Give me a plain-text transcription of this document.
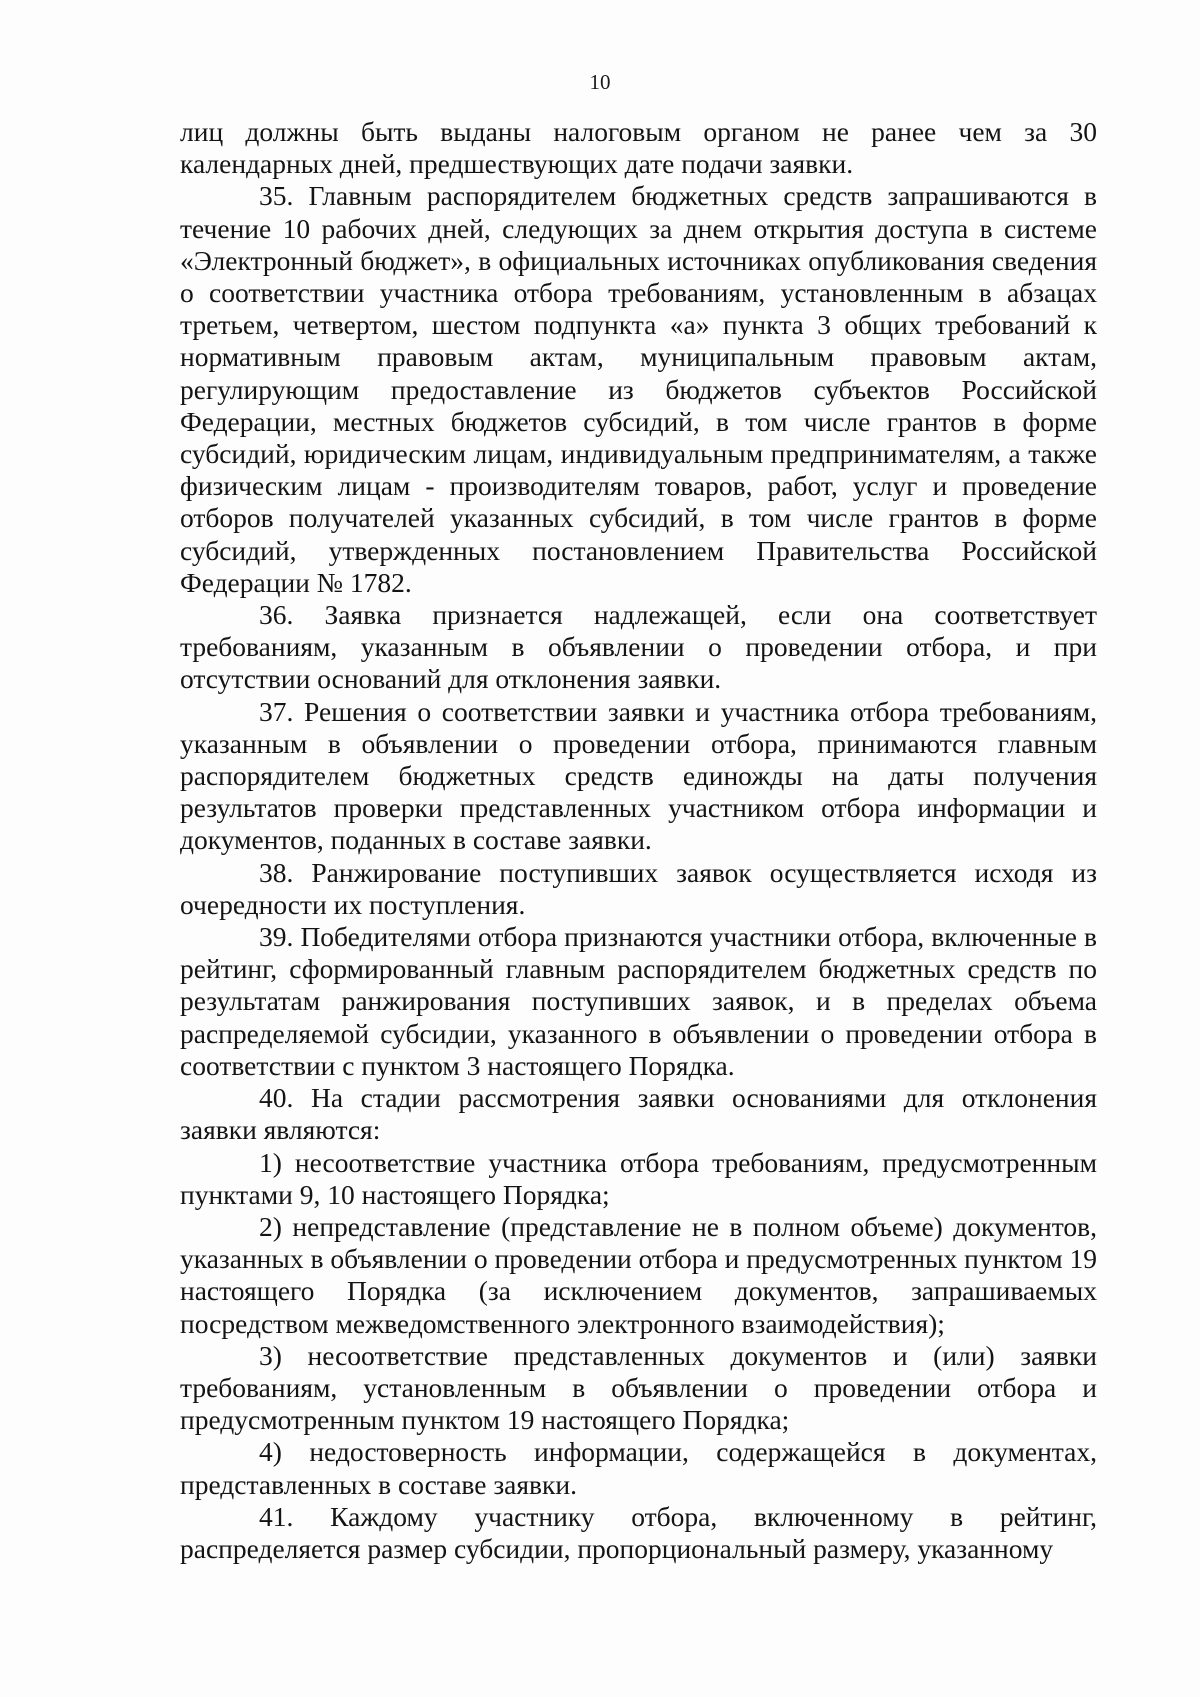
10

лиц должны быть выданы налоговым органом не ранее чем за 30 календарных дней, предшествующих дате подачи заявки.

35. Главным распорядителем бюджетных средств запрашиваются в течение 10 рабочих дней, следующих за днем открытия доступа в системе «Электронный бюджет», в официальных источниках опубликования сведения о соответствии участника отбора требованиям, установленным в абзацах третьем, четвертом, шестом подпункта «а» пункта 3 общих требований к нормативным правовым актам, муниципальным правовым актам, регулирующим предоставление из бюджетов субъектов Российской Федерации, местных бюджетов субсидий, в том числе грантов в форме субсидий, юридическим лицам, индивидуальным предпринимателям, а также физическим лицам - производителям товаров, работ, услуг и проведение отборов получателей указанных субсидий, в том числе грантов в форме субсидий, утвержденных постановлением Правительства Российской Федерации № 1782.

36. Заявка признается надлежащей, если она соответствует требованиям, указанным в объявлении о проведении отбора, и при отсутствии оснований для отклонения заявки.

37. Решения о соответствии заявки и участника отбора требованиям, указанным в объявлении о проведении отбора, принимаются главным распорядителем бюджетных средств единожды на даты получения результатов проверки представленных участником отбора информации и документов, поданных в составе заявки.

38. Ранжирование поступивших заявок осуществляется исходя из очередности их поступления.

39. Победителями отбора признаются участники отбора, включенные в рейтинг, сформированный главным распорядителем бюджетных средств по результатам ранжирования поступивших заявок, и в пределах объема распределяемой субсидии, указанного в объявлении о проведении отбора в соответствии с пунктом 3 настоящего Порядка.

40. На стадии рассмотрения заявки основаниями для отклонения заявки являются:

1) несоответствие участника отбора требованиям, предусмотренным пунктами 9, 10 настоящего Порядка;

2) непредставление (представление не в полном объеме) документов, указанных в объявлении о проведении отбора и предусмотренных пунктом 19 настоящего Порядка (за исключением документов, запрашиваемых посредством межведомственного электронного взаимодействия);

3) несоответствие представленных документов и (или) заявки требованиям, установленным в объявлении о проведении отбора и предусмотренным пунктом 19 настоящего Порядка;

4) недостоверность информации, содержащейся в документах, представленных в составе заявки.

41. Каждому участнику отбора, включенному в рейтинг, распределяется размер субсидии, пропорциональный размеру, указанному
